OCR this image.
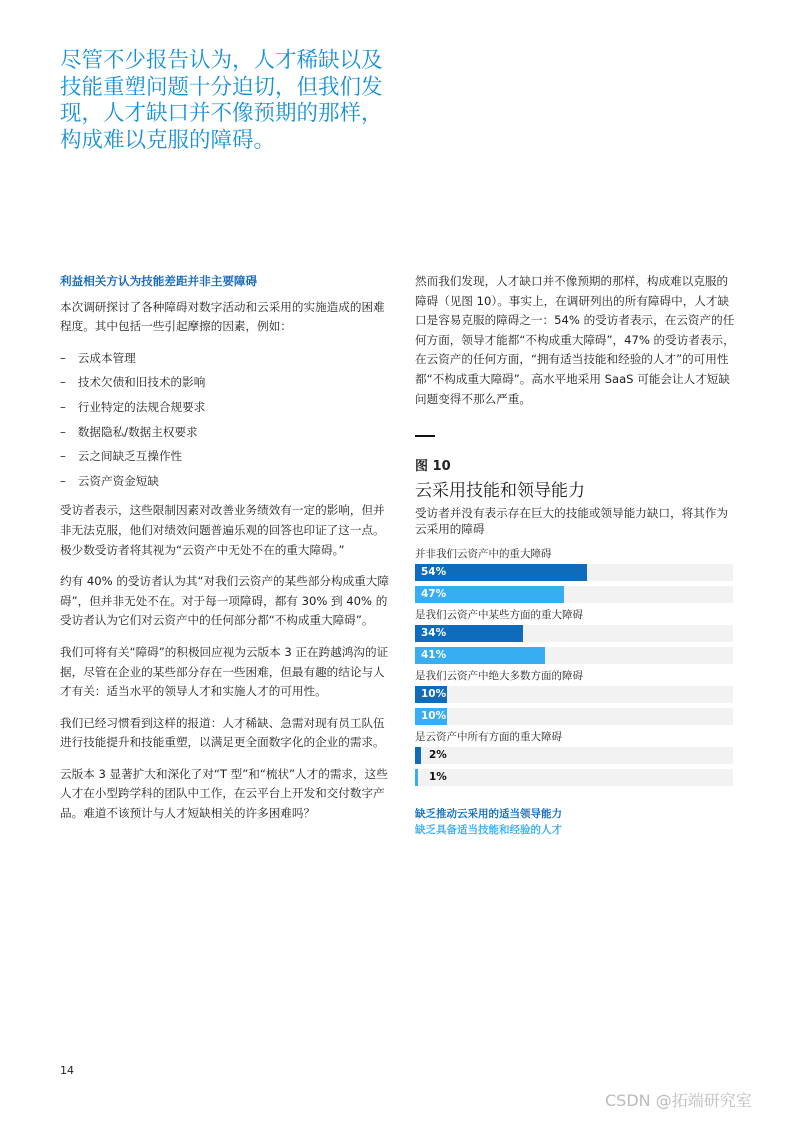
尽管不少报告认为，人才稀缺以及技能重塑问题十分迫切，但我们发现，人才缺口并不像预期的那样，构成难以克服的障碍。
利益相关方认为技能差距并非主要障碍

本次调研探讨了各种障碍对数字活动和云采用的实施造成的困难程度。其中包括一些引起摩擦的因素，例如：

– 云成本管理
– 技术欠债和旧技术的影响
– 行业特定的法规合规要求
– 数据隐私/数据主权要求
– 云之间缺乏互操作性
– 云资产资金短缺

受访者表示，这些限制因素对改善业务绩效有一定的影响，但并非无法克服，他们对绩效问题普遍乐观的回答也印证了这一点。极少数受访者将其视为“云资产中无处不在的重大障碍。”

约有 40% 的受访者认为其“对我们云资产的某些部分构成重大障碍”，但并非无处不在。对于每一项障碍，都有 30% 到 40% 的受访者认为它们对云资产中的任何部分都“不构成重大障碍”。

我们可将有关“障碍”的积极回应视为云版本 3 正在跨越鸿沟的证据，尽管在企业的某些部分存在一些困难，但最有趣的结论与人才有关：适当水平的领导人才和实施人才的可用性。

我们已经习惯看到这样的报道：人才稀缺、急需对现有员工队伍进行技能提升和技能重塑，以满足更全面数字化的企业的需求。

云版本 3 显著扩大和深化了对“T 型”和“梳状”人才的需求，这些人才在小型跨学科的团队中工作，在云平台上开发和交付数字产品。难道不该预计与人才短缺相关的许多困难吗？

然而我们发现，人才缺口并不像预期的那样，构成难以克服的障碍（见图 10）。事实上，在调研列出的所有障碍中，人才缺口是容易克服的障碍之一：54% 的受访者表示，在云资产的任何方面，领导才能都“不构成重大障碍”，47% 的受访者表示，在云资产的任何方面，“拥有适当技能和经验的人才”的可用性都“不构成重大障碍”。高水平地采用 SaaS 可能会让人才短缺问题变得不那么严重。

图 10
云采用技能和领导能力
受访者并没有表示存在巨大的技能或领导能力缺口，将其作为云采用的障碍
并非我们云资产中的重大障碍
54%
47%
是我们云资产中某些方面的重大障碍
34%
41%
是我们云资产中绝大多数方面的障碍
10%
10%
是云资产中所有方面的重大障碍
2%
1%
缺乏推动云采用的适当领导能力
缺乏具备适当技能和经验的人才
14
CSDN @拓端研究室
